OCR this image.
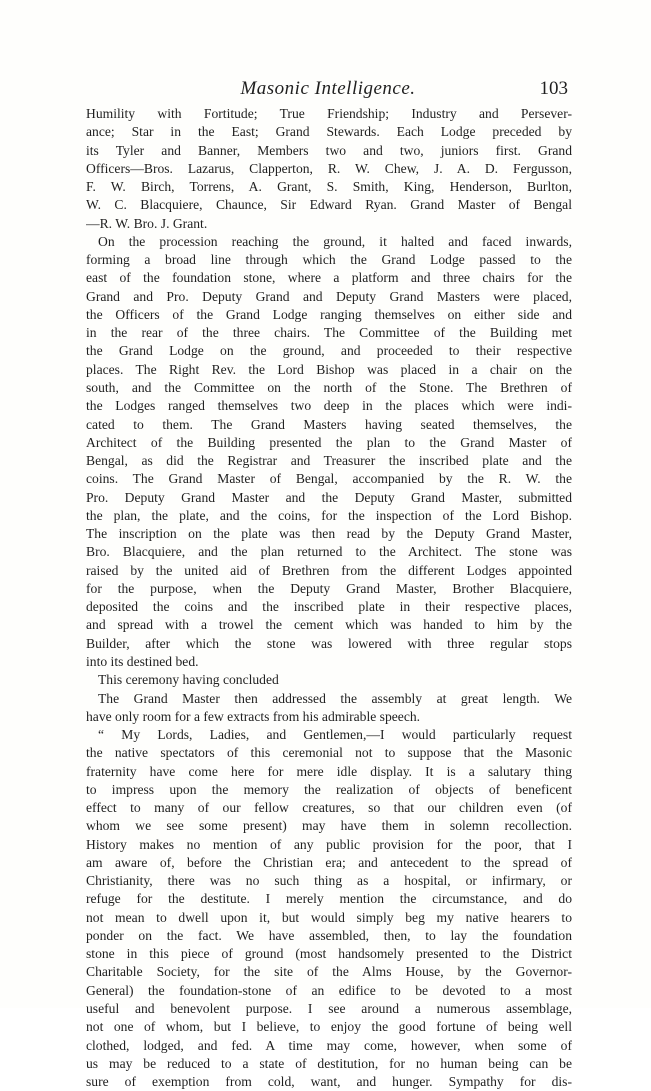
Masonic Intelligence.	103
Humility with Fortitude; True Friendship; Industry and Persever-
ance; Star in the East; Grand Stewards. Each Lodge preceded by
its Tyler and Banner, Members two and two, juniors first. Grand
Officers—Bros. Lazarus, Clapperton, R. W. Chew, J. A. D. Fergusson,
F. W. Birch, Torrens, A. Grant, S. Smith, King, Henderson, Burlton,
W. C. Blacquiere, Chaunce, Sir Edward Ryan. Grand Master of Bengal
—R. W. Bro. J. Grant.
On the procession reaching the ground, it halted and faced inwards,
forming a broad line through which the Grand Lodge passed to the
east of the foundation stone, where a platform and three chairs for the
Grand and Pro. Deputy Grand and Deputy Grand Masters were placed,
the Officers of the Grand Lodge ranging themselves on either side and
in the rear of the three chairs. The Committee of the Building met
the Grand Lodge on the ground, and proceeded to their respective
places. The Right Rev. the Lord Bishop was placed in a chair on the
south, and the Committee on the north of the Stone. The Brethren of
the Lodges ranged themselves two deep in the places which were indi-
cated to them. The Grand Masters having seated themselves, the
Architect of the Building presented the plan to the Grand Master of
Bengal, as did the Registrar and Treasurer the inscribed plate and the
coins. The Grand Master of Bengal, accompanied by the R. W. the
Pro. Deputy Grand Master and the Deputy Grand Master, submitted
the plan, the plate, and the coins, for the inspection of the Lord Bishop.
The inscription on the plate was then read by the Deputy Grand Master,
Bro. Blacquiere, and the plan returned to the Architect. The stone was
raised by the united aid of Brethren from the different Lodges appointed
for the purpose, when the Deputy Grand Master, Brother Blacquiere,
deposited the coins and the inscribed plate in their respective places,
and spread with a trowel the cement which was handed to him by the
Builder, after which the stone was lowered with three regular stops
into its destined bed.
This ceremony having concluded
The Grand Master then addressed the assembly at great length. We
have only room for a few extracts from his admirable speech.
“ My Lords, Ladies, and Gentlemen,—I would particularly request
the native spectators of this ceremonial not to suppose that the Masonic
fraternity have come here for mere idle display. It is a salutary thing
to impress upon the memory the realization of objects of beneficent
effect to many of our fellow creatures, so that our children even (of
whom we see some present) may have them in solemn recollection.
History makes no mention of any public provision for the poor, that I
am aware of, before the Christian era; and antecedent to the spread of
Christianity, there was no such thing as a hospital, or infirmary, or
refuge for the destitute. I merely mention the circumstance, and do
not mean to dwell upon it, but would simply beg my native hearers to
ponder on the fact. We have assembled, then, to lay the foundation
stone in this piece of ground (most handsomely presented to the District
Charitable Society, for the site of the Alms House, by the Governor-
General) the foundation-stone of an edifice to be devoted to a most
useful and benevolent purpose. I see around a numerous assemblage,
not one of whom, but I believe, to enjoy the good fortune of being well
clothed, lodged, and fed. A time may come, however, when some of
us may be reduced to a state of destitution, for no human being can be
sure of exemption from cold, want, and hunger. Sympathy for dis-
